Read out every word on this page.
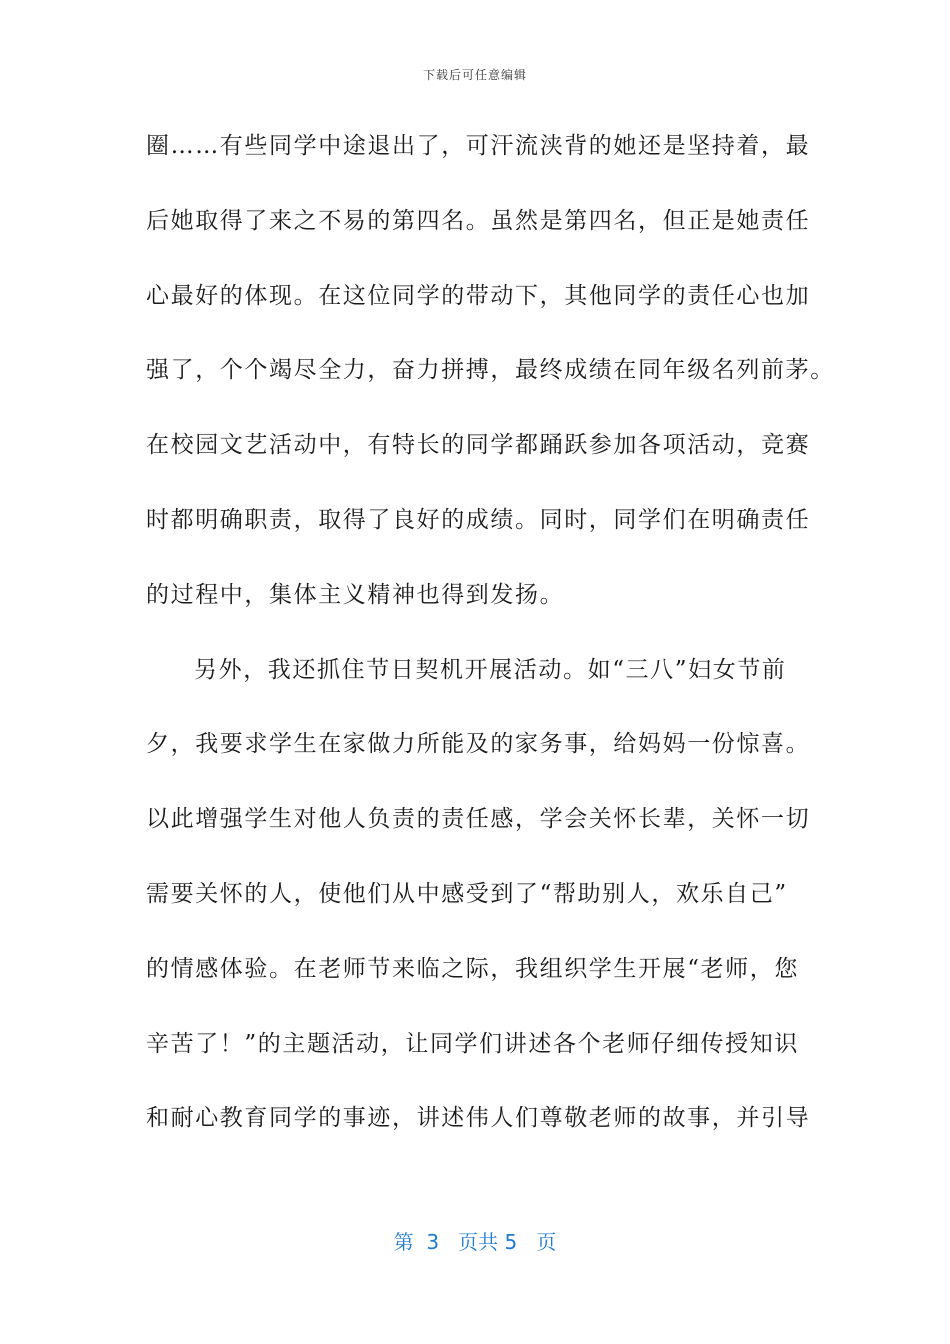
下载后可任意编辑
圈……有些同学中途退出了，可汗流浃背的她还是坚持着，最
后她取得了来之不易的第四名。虽然是第四名，但正是她责任
心最好的体现。在这位同学的带动下，其他同学的责任心也加
强了，个个竭尽全力，奋力拼搏，最终成绩在同年级名列前茅。
在校园文艺活动中，有特长的同学都踊跃参加各项活动，竞赛
时都明确职责，取得了良好的成绩。同时，同学们在明确责任
的过程中，集体主义精神也得到发扬。
另外，我还抓住节日契机开展活动。如“三八”妇女节前
夕，我要求学生在家做力所能及的家务事，给妈妈一份惊喜。
以此增强学生对他人负责的责任感，学会关怀长辈，关怀一切
需要关怀的人，使他们从中感受到了“帮助别人，欢乐自己”
的情感体验。在老师节来临之际，我组织学生开展“老师，您
辛苦了！”的主题活动，让同学们讲述各个老师仔细传授知识
和耐心教育同学的事迹，讲述伟人们尊敬老师的故事，并引导
第  3   页共 5   页
